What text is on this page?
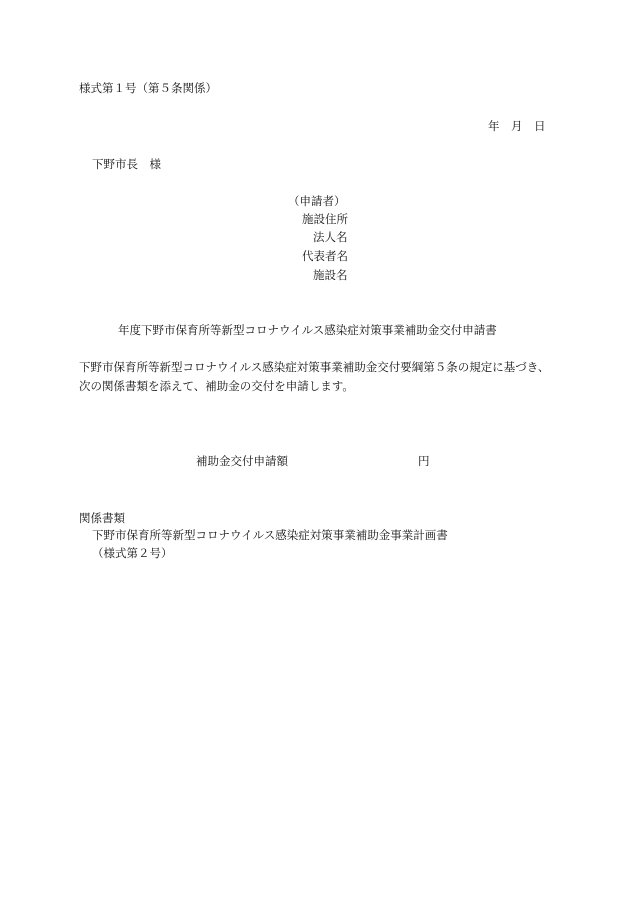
様式第１号（第５条関係）
年　月　日
下野市長　様
（申請者）
施設住所
法人名
代表者名
施設名
年度下野市保育所等新型コロナウイルス感染症対策事業補助金交付申請書
下野市保育所等新型コロナウイルス感染症対策事業補助金交付要綱第５条の規定に基づき、
次の関係書類を添えて、補助金の交付を申請します。
補助金交付申請額	円
関係書類
下野市保育所等新型コロナウイルス感染症対策事業補助金事業計画書
（様式第２号）
